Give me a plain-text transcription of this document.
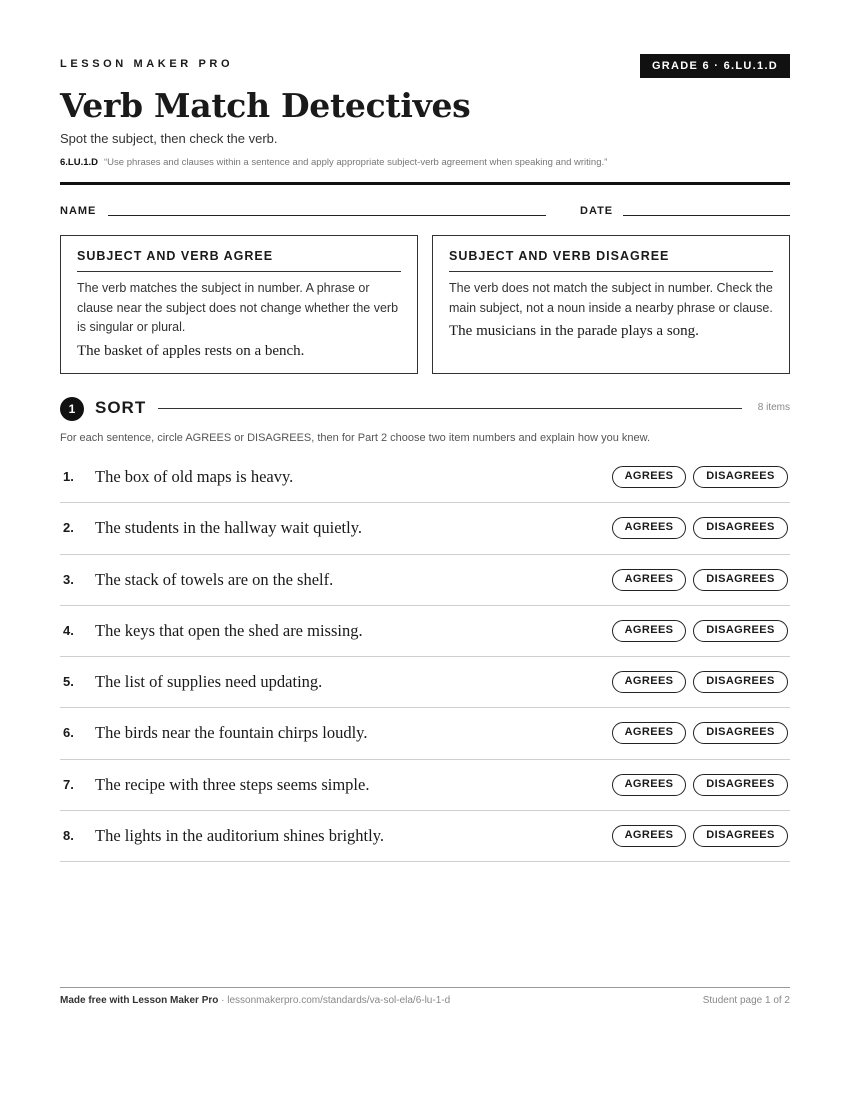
LESSON MAKER PRO	GRADE 6 · 6.LU.1.D
Verb Match Detectives
Spot the subject, then check the verb.
6.LU.1.D “Use phrases and clauses within a sentence and apply appropriate subject-verb agreement when speaking and writing.”
NAME	DATE
SUBJECT AND VERB AGREE
The verb matches the subject in number. A phrase or clause near the subject does not change whether the verb is singular or plural.
The basket of apples rests on a bench.
SUBJECT AND VERB DISAGREE
The verb does not match the subject in number. Check the main subject, not a noun inside a nearby phrase or clause.
The musicians in the parade plays a song.
1	SORT	8 items
For each sentence, circle AGREES or DISAGREES, then for Part 2 choose two item numbers and explain how you knew.
1. The box of old maps is heavy.	AGREES	DISAGREES
2. The students in the hallway wait quietly.	AGREES	DISAGREES
3. The stack of towels are on the shelf.	AGREES	DISAGREES
4. The keys that open the shed are missing.	AGREES	DISAGREES
5. The list of supplies need updating.	AGREES	DISAGREES
6. The birds near the fountain chirps loudly.	AGREES	DISAGREES
7. The recipe with three steps seems simple.	AGREES	DISAGREES
8. The lights in the auditorium shines brightly.	AGREES	DISAGREES
Made free with Lesson Maker Pro · lessonmakerpro.com/standards/va-sol-ela/6-lu-1-d	Student page 1 of 2
